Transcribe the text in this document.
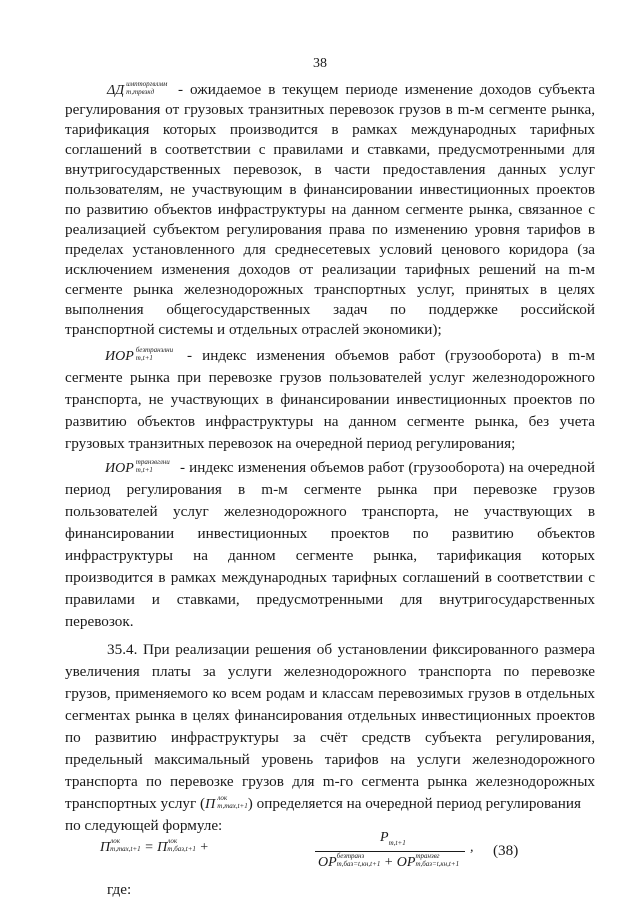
38
ΔД импторгвлмм
т,трвзкд	- ожидаемое в текущем периоде изменение доходов субъекта
регулирования от грузовых транзитных перевозок грузов в m-м сегменте рынка,
тарификация которых производится в рамках международных тарифных
соглашений в соответствии с правилами и ставками, предусмотренными для
внутригосударственных перевозок, в части предоставления данных услуг
пользователям, не участвующим в финансировании инвестиционных проектов
по развитию объектов инфраструктуры на данном сегменте рынка, связанное с
реализацией субъектом регулирования права по изменению уровня тарифов в
пределах установленного для среднесетевых условий ценового коридора (за
исключением изменения доходов от реализации тарифных решений на m-м
сегменте рынка железнодорожных транспортных услуг, принятых в целях
выполнения общегосударственных задач по поддержке российской
транспортной системы и отдельных отраслей экономики);
ИОР безтранзлни
т,t+1	- индекс изменения объемов работ (грузооборота) в m-м
сегменте рынка при перевозке грузов пользователей услуг железнодорожного
транспорта, не участвующих в финансировании инвестиционных проектов по
развитию объектов инфраструктуры на данном сегменте рынка, без учета
грузовых транзитных перевозок на очередной период регулирования;
ИОР транзвглни
т,t+1	- индекс изменения объемов работ (грузооборота) на очередной
период регулирования в m-м сегменте рынка при перевозке грузов
пользователей услуг железнодорожного транспорта, не участвующих в
финансировании инвестиционных проектов по развитию объектов
инфраструктуры на данном сегменте рынка, тарификация которых
производится в рамках международных тарифных соглашений в соответствии с
правилами и ставками, предусмотренными для внутригосударственных
перевозок.
35.4. При реализации решения об установлении фиксированного размера
увеличения платы за услуги железнодорожного транспорта по перевозке
грузов, применяемого ко всем родам и классам перевозимых грузов в отдельных
сегментах рынка в целях финансирования отдельных инвестиционных проектов
по развитию инфраструктуры за счёт средств субъекта регулирования,
предельный максимальный уровень тарифов на услуги железнодорожного
транспорта по перевозке грузов для m-го сегмента рынка железнодорожных
транспортных услуг (П лок
т,max,t+1 ) определяется на очередной период регулирования
по следующей формуле:
П лок
т,max,t+1 = П лок
т,баз,t+1 +
$P_{т,t+1}$
OP безтранз
m,баз=t,кн,t+1 + OP транзвг
m,баз=t,кн,t+1
, (38)
где:
